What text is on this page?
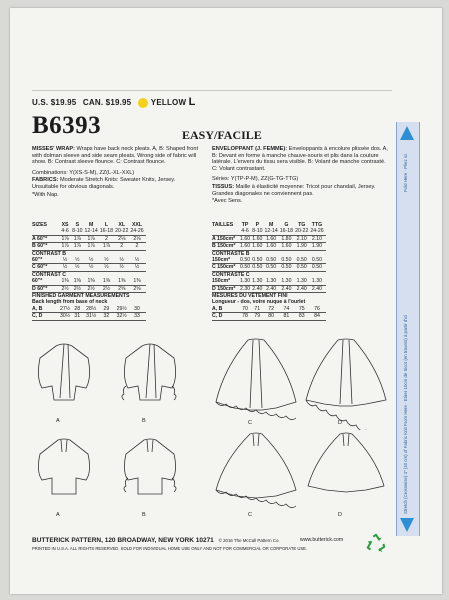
U.S. $19.95 CAN. $19.95 YELLOW L
B6393	EASY/FACILE

MISSES' WRAP: Wraps have back neck pleats. A, B: Shaped front with dolman sleeve and side seam pleats. Wrong side of fabric will show. B: Contrast sleeve flounce. C: Contrast flounce.

Combinations: Y(XS-S-M), ZZ(L-XL-XXL)

FABRICS: Moderate Stretch Knits: Sweater Knits, Jersey. Unsuitable for obvious diagonals.

*With Nap.

ENVELOPPANT (J. FEMME): Enveloppants à encolure plissée dos. A, B: Devant en forme à manche chauve-souris et plis dans la couture latérale. L'envers du tissu sera visible. B: Volant de manche contrasté. C: Volant contrastant.

Séries: Y(TP-P-M), ZZ(G-TG-TTG)

TISSUS: Maille à élasticité moyenne: Tricot pour chandail, Jersey. Grandes diagonales ne conviennent pas.

*Avec Sens.

SIZES	XS	S	M	L	XL	XXL
	4-6	8-10	12-14	16-18	20-22	24-26
A 60"*	1⅞	1⅞	1⅞	2	2⅛	2⅛
B 60"*	1⅞	1⅞	1⅞	1⅞	2	2
CONTRAST B						
60"*	½	½	½	½	½	½
C 60"*	½	½	½	½	½	½
CONTRAST C						
60"*	1⅜	1⅜	1⅜	1⅜	1⅜	1⅜
D 60"*	2½	2½	2½	2½	2⅝	2⅝
FINISHED GARMENT MEASUREMENTS						
Back length from base of neck						
A, B	27½	28	28½	29	29½	30
C, D	30½	31	31½	32	32½	33
TAILLES	TP	P	M	G	TG	TTG
	4-6	8-10	12-14	16-18	20-22	24-26
A 150cm*	1.60	1.60	1.60	1.80	2.10	2.10
B 150cm*	1.60	1.60	1.60	1.60	1.90	1.90
CONTRASTE B						
150cm*	0.50	0.50	0.50	0.50	0.50	0.50
C 150cm*	0.50	0.50	0.50	0.50	0.50	0.50
CONTRASTE C						
150cm*	1.30	1.30	1.30	1.30	1.30	1.30
D 150cm*	2.30	2.40	2.40	2.40	2.40	2.40
MESURES DU VÊTEMENT FINI						
Longueur - dos, votre nuque à l'ourlet						
A, B	70	71	72	74	75	76
C, D	78	79	80	81	83	84
A	B	C	D
A	B	C	D
Fold Here · Pliez ici
Stretch (Crosswise) 4" (10 cm) of Fabric Knit From Here · Etirer 10cm de tricot (en travers) à partir d'ici
BUTTERICK PATTERN, 120 BROADWAY, NEW YORK 10271 © 2016 The McCall Pattern Co.	www.butterick.com
PRINTED IN U.S.A. ALL RIGHTS RESERVED. SOLD FOR INDIVIDUAL HOME USE ONLY AND NOT FOR COMMERCIAL OR CORPORATE USE.
